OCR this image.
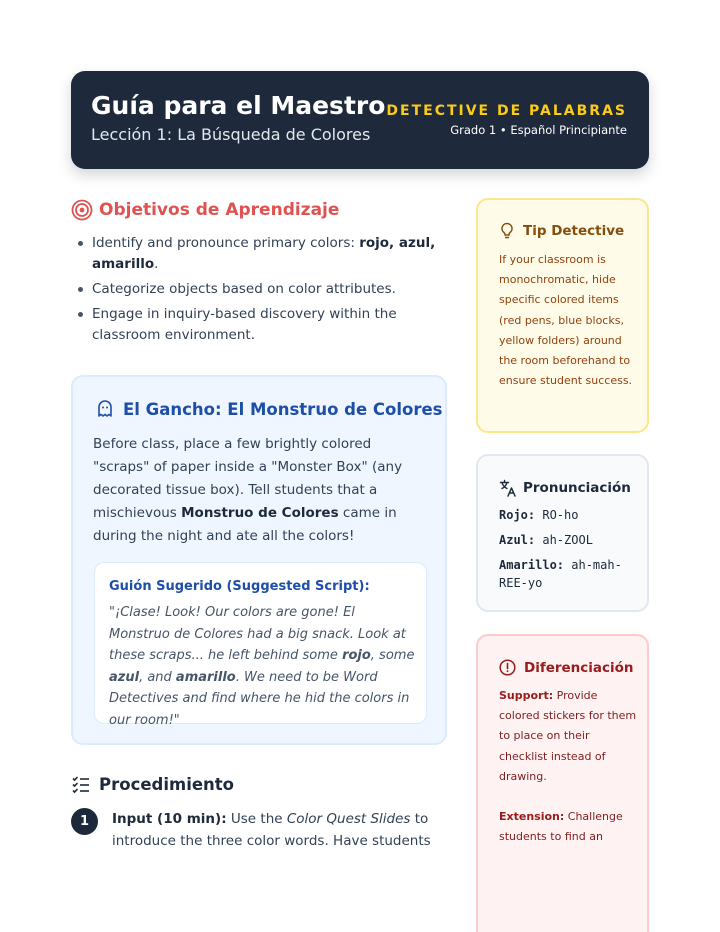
Guía para el Maestro
Lección 1: La Búsqueda de Colores
DETECTIVE DE PALABRAS
Grado 1 • Español Principiante
Objetivos de Aprendizaje
Identify and pronounce primary colors: rojo, azul, amarillo.
Categorize objects based on color attributes.
Engage in inquiry-based discovery within the classroom environment.
El Gancho: El Monstruo de Colores
Before class, place a few brightly colored "scraps" of paper inside a "Monster Box" (any decorated tissue box). Tell students that a mischievous Monstruo de Colores came in during the night and ate all the colors!
Guión Sugerido (Suggested Script):
"¡Clase! Look! Our colors are gone! El Monstruo de Colores had a big snack. Look at these scraps... he left behind some rojo, some azul, and amarillo. We need to be Word Detectives and find where he hid the colors in our room!"
Procedimiento
1	Input (10 min): Use the Color Quest Slides to introduce the three color words. Have students
Tip Detective
If your classroom is monochromatic, hide specific colored items (red pens, blue blocks, yellow folders) around the room beforehand to ensure student success.
Pronunciación
Rojo: RO-ho
Azul: ah-ZOOL
Amarillo: ah-mah-REE-yo
Diferenciación
Support: Provide colored stickers for them to place on their checklist instead of drawing.
Extension: Challenge students to find an
